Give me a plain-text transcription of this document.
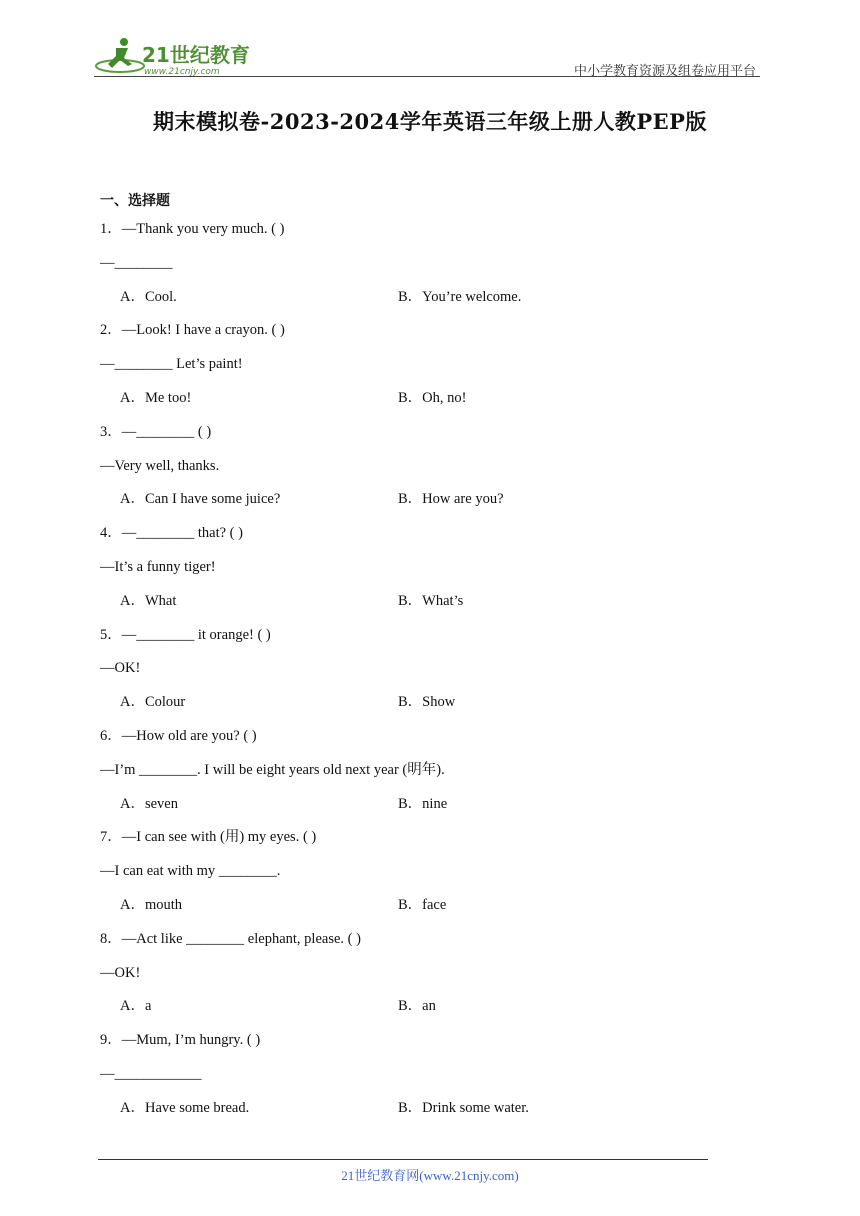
21世纪教育
www.21cnjy.com	中小学教育资源及组卷应用平台
期末模拟卷-2023-2024学年英语三年级上册人教PEP版
一、选择题
1．—Thank you very much. ( )
—________
A．Cool.	B．You’re welcome.
2．—Look! I have a crayon. ( )
—________ Let’s paint!
A．Me too!	B．Oh, no!
3．—________ ( )
—Very well, thanks.
A．Can I have some juice?	B．How are you?
4．—________ that? ( )
—It’s a funny tiger!
A．What	B．What’s
5．—________ it orange! ( )
—OK!
A．Colour	B．Show
6．—How old are you? ( )
—I’m ________. I will be eight years old next year (明年).
A．seven	B．nine
7．—I can see with (用) my eyes. ( )
—I can eat with my ________.
A．mouth	B．face
8．—Act like ________ elephant, please. ( )
—OK!
A．a	B．an
9．—Mum, I’m hungry. ( )
—____________
A．Have some bread.	B．Drink some water.
21世纪教育网(www.21cnjy.com)
